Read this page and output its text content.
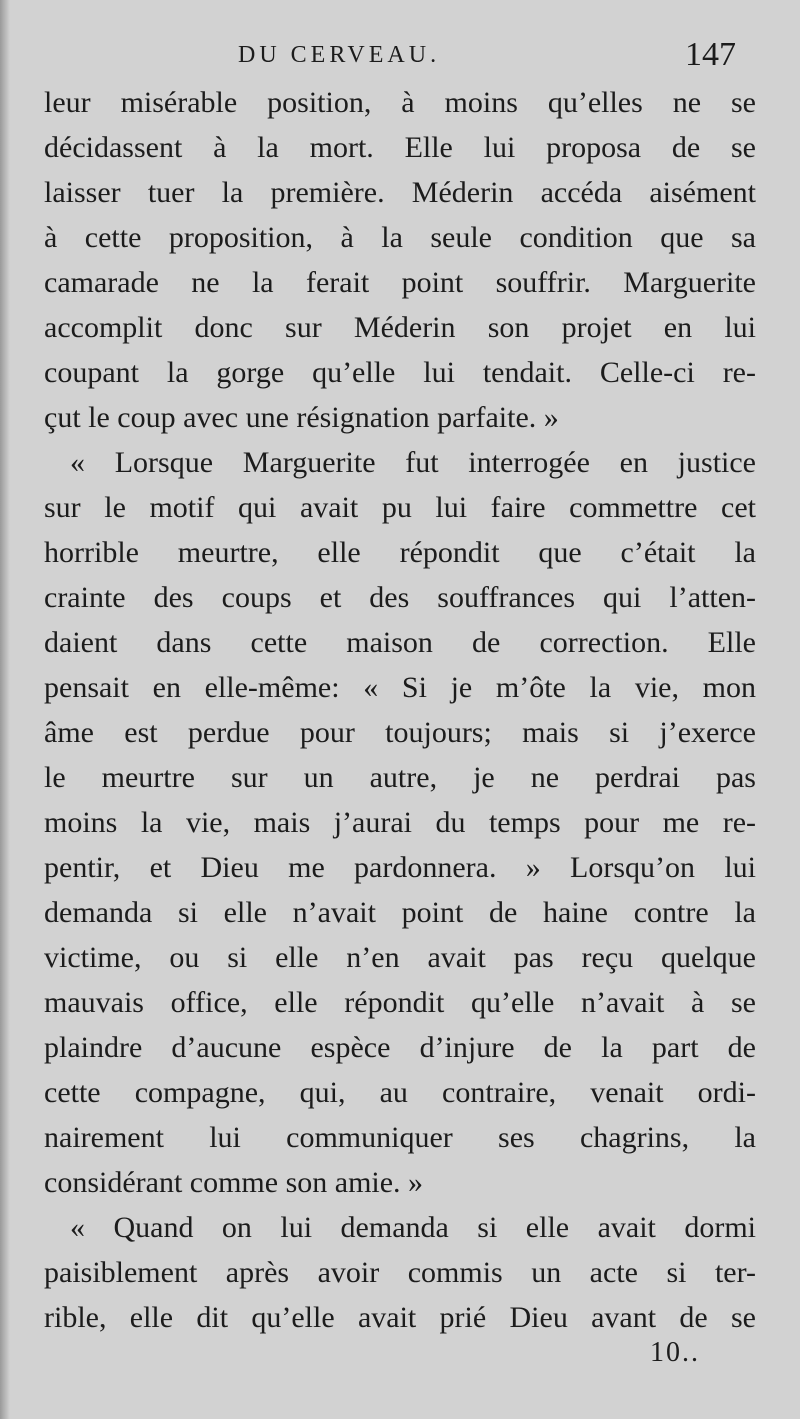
DU CERVEAU.	147
leur misérable position, à moins qu’elles ne se
décidassent à la mort. Elle lui proposa de se
laisser tuer la première. Méderin accéda aisément
à cette proposition, à la seule condition que sa
camarade ne la ferait point souffrir. Marguerite
accomplit donc sur Méderin son projet en lui
coupant la gorge qu’elle lui tendait. Celle-ci re-
çut le coup avec une résignation parfaite. »
« Lorsque Marguerite fut interrogée en justice
sur le motif qui avait pu lui faire commettre cet
horrible meurtre, elle répondit que c’était la
crainte des coups et des souffrances qui l’atten-
daient dans cette maison de correction. Elle
pensait en elle-même: « Si je m’ôte la vie, mon
âme est perdue pour toujours; mais si j’exerce
le meurtre sur un autre, je ne perdrai pas
moins la vie, mais j’aurai du temps pour me re-
pentir, et Dieu me pardonnera. » Lorsqu’on lui
demanda si elle n’avait point de haine contre la
victime, ou si elle n’en avait pas reçu quelque
mauvais office, elle répondit qu’elle n’avait à se
plaindre d’aucune espèce d’injure de la part de
cette compagne, qui, au contraire, venait ordi-
nairement lui communiquer ses chagrins, la
considérant comme son amie. »
« Quand on lui demanda si elle avait dormi
paisiblement après avoir commis un acte si ter-
rible, elle dit qu’elle avait prié Dieu avant de se
10..
